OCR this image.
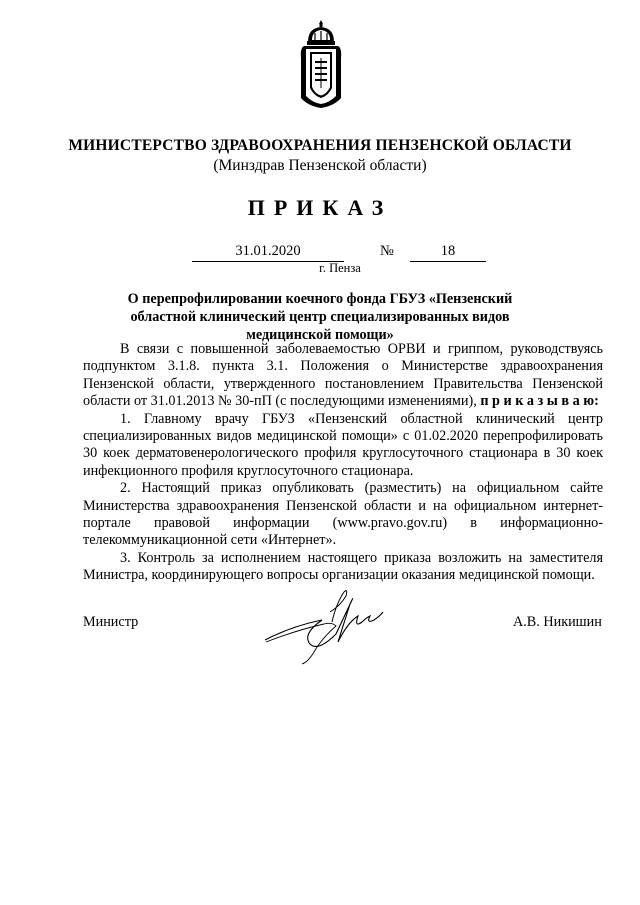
МИНИСТЕРСТВО ЗДРАВООХРАНЕНИЯ ПЕНЗЕНСКОЙ ОБЛАСТИ
(Минздрав Пензенской области)
ПРИКАЗ
31.01.2020	№	18
г. Пенза
О перепрофилировании коечного фонда ГБУЗ «Пензенский областной клинический центр специализированных видов медицинской помощи»

В связи с повышенной заболеваемостью ОРВИ и гриппом, руководствуясь подпунктом 3.1.8. пункта 3.1. Положения о Министерстве здравоохранения Пензенской области, утвержденного постановлением Правительства Пензенской области от 31.01.2013 № 30-пП (с последующими изменениями), п р и к а з ы в а ю:

1. Главному врачу ГБУЗ «Пензенский областной клинический центр специализированных видов медицинской помощи» с 01.02.2020 перепрофилировать 30 коек дерматовенерологического профиля круглосуточного стационара в 30 коек инфекционного профиля круглосуточного стационара.

2. Настоящий приказ опубликовать (разместить) на официальном сайте Министерства здравоохранения Пензенской области и на официальном интернет-портале правовой информации (www.pravo.gov.ru) в информационно-телекоммуникационной сети «Интернет».

3. Контроль за исполнением настоящего приказа возложить на заместителя Министра, координирующего вопросы организации оказания медицинской помощи.

Министр	А.В. Никишин
